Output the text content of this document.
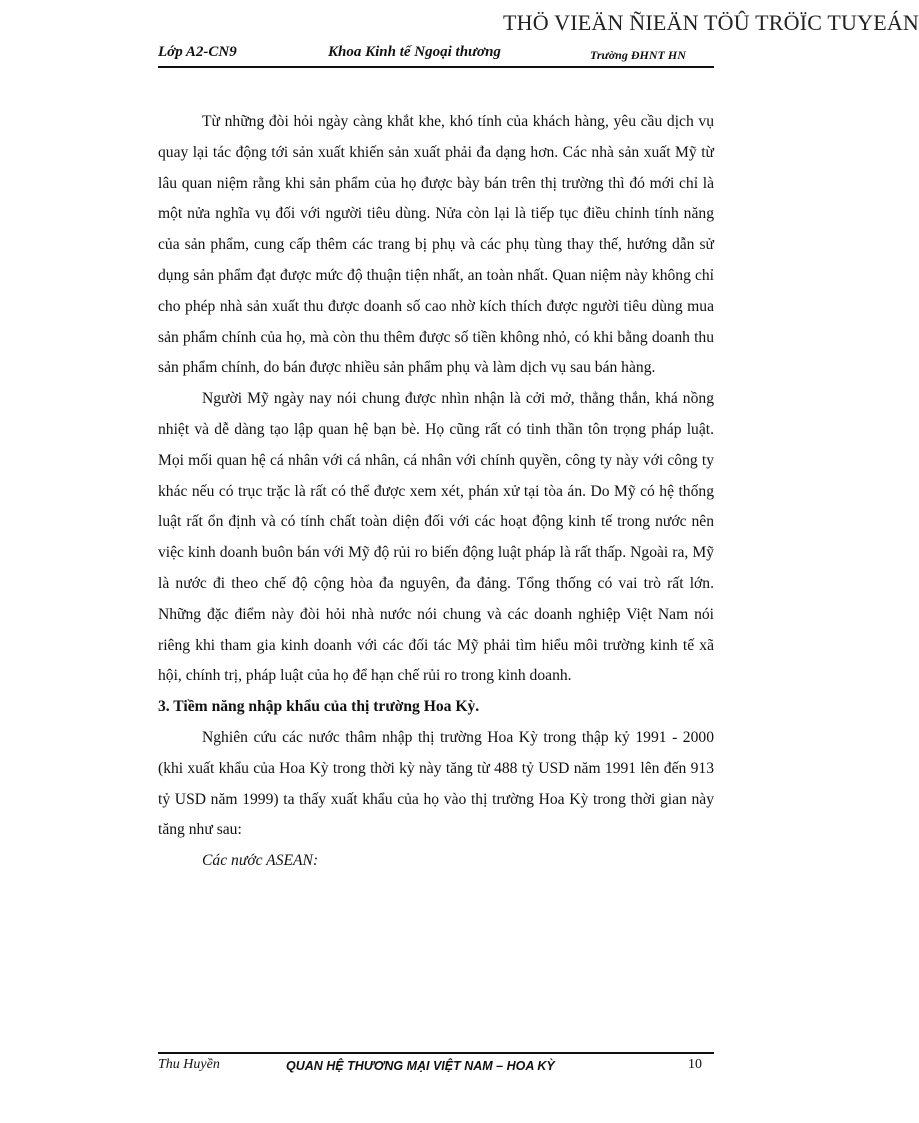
THÖ VIEÄN ÑIEÄN TÖÛ TRÖÏC TUYEÁN
Lớp A2-CN9	Khoa Kinh tế Ngoại thương	Trường ĐHNT HN

Từ những đòi hỏi ngày càng khắt khe, khó tính của khách hàng, yêu cầu dịch vụ quay lại tác động tới sản xuất khiến sản xuất phải đa dạng hơn. Các nhà sản xuất Mỹ từ lâu quan niệm rằng khi sản phẩm của họ được bày bán trên thị trường thì đó mới chỉ là một nửa nghĩa vụ đối với người tiêu dùng. Nửa còn lại là tiếp tục điều chỉnh tính năng của sản phẩm, cung cấp thêm các trang bị phụ và các phụ tùng thay thế, hướng dẫn sử dụng sản phẩm đạt được mức độ thuận tiện nhất, an toàn nhất. Quan niệm này không chỉ cho phép nhà sản xuất thu được doanh số cao nhờ kích thích được người tiêu dùng mua sản phẩm chính của họ, mà còn thu thêm được số tiền không nhỏ, có khi bằng doanh thu sản phẩm chính, do bán được nhiều sản phẩm phụ và làm dịch vụ sau bán hàng.

Người Mỹ ngày nay nói chung được nhìn nhận là cởi mở, thẳng thắn, khá nồng nhiệt và dễ dàng tạo lập quan hệ bạn bè. Họ cũng rất có tinh thần tôn trọng pháp luật. Mọi mối quan hệ cá nhân với cá nhân, cá nhân với chính quyền, công ty này với công ty khác nếu có trục trặc là rất có thể được xem xét, phán xử tại tòa án. Do Mỹ có hệ thống luật rất ổn định và có tính chất toàn diện đối với các hoạt động kinh tế trong nước nên việc kinh doanh buôn bán với Mỹ độ rủi ro biến động luật pháp là rất thấp. Ngoài ra, Mỹ là nước đi theo chế độ cộng hòa đa nguyên, đa đảng. Tổng thống có vai trò rất lớn. Những đặc điểm này đòi hỏi nhà nước nói chung và các doanh nghiệp Việt Nam nói riêng khi tham gia kinh doanh với các đối tác Mỹ phải tìm hiểu môi trường kinh tế xã hội, chính trị, pháp luật của họ để hạn chế rủi ro trong kinh doanh.

3. Tiềm năng nhập khẩu của thị trường Hoa Kỳ.

Nghiên cứu các nước thâm nhập thị trường Hoa Kỳ trong thập kỷ 1991 - 2000 (khi xuất khẩu của Hoa Kỳ trong thời kỳ này tăng từ 488 tỷ USD năm 1991 lên đến 913 tỷ USD năm 1999) ta thấy xuất khẩu của họ vào thị trường Hoa Kỳ trong thời gian này tăng như sau:

Các nước ASEAN:

Thu Huyền	QUAN HỆ THƯƠNG MẠI VIỆT NAM – HOA KỲ	10
